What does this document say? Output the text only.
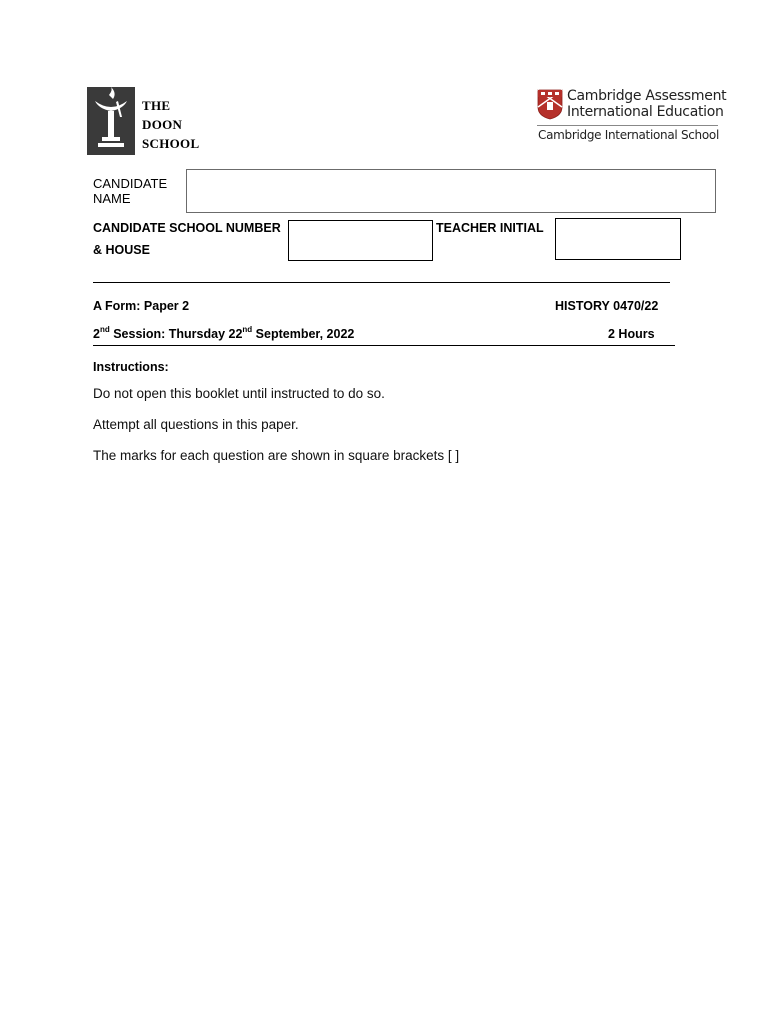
THE
DOON
SCHOOL
Cambridge Assessment
International Education
Cambridge International School
CANDIDATE NAME
CANDIDATE SCHOOL NUMBER
& HOUSE
TEACHER INITIAL
A Form: Paper 2	HISTORY 0470/22
2nd Session: Thursday 22nd September, 2022	2 Hours
Instructions:
Do not open this booklet until instructed to do so.
Attempt all questions in this paper.
The marks for each question are shown in square brackets [ ]
